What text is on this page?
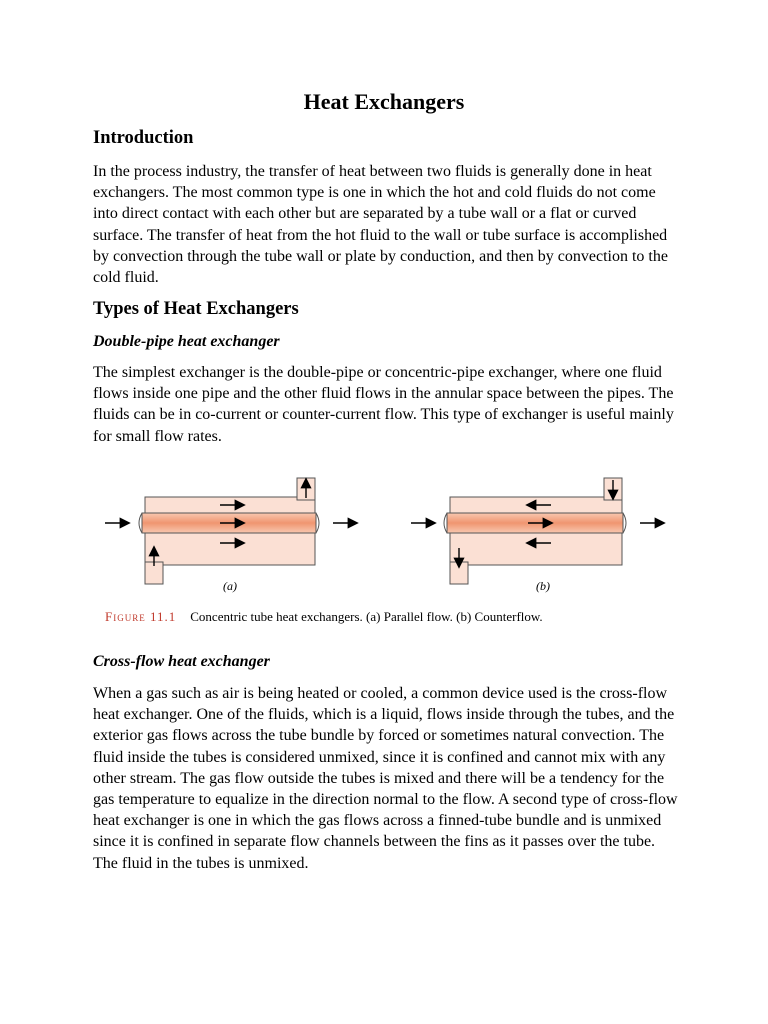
Heat Exchangers
Introduction

In the process industry, the transfer of heat between two fluids is generally done in heat exchangers. The most common type is one in which the hot and cold fluids do not come into direct contact with each other but are separated by a tube wall or a flat or curved surface. The transfer of heat from the hot fluid to the wall or tube surface is accomplished by convection through the tube wall or plate by conduction, and then by convection to the cold fluid.

Types of Heat Exchangers
Double-pipe heat exchanger

The simplest exchanger is the double-pipe or concentric-pipe exchanger, where one fluid flows inside one pipe and the other fluid flows in the annular space between the pipes. The fluids can be in co-current or counter-current flow. This type of exchanger is useful mainly for small flow rates.

(a)	(b)
Figure 11.1 Concentric tube heat exchangers. (a) Parallel flow. (b) Counterflow.
Cross-flow heat exchanger

When a gas such as air is being heated or cooled, a common device used is the cross-flow heat exchanger. One of the fluids, which is a liquid, flows inside through the tubes, and the exterior gas flows across the tube bundle by forced or sometimes natural convection. The fluid inside the tubes is considered unmixed, since it is confined and cannot mix with any other stream. The gas flow outside the tubes is mixed and there will be a tendency for the gas temperature to equalize in the direction normal to the flow. A second type of cross-flow heat exchanger is one in which the gas flows across a finned-tube bundle and is unmixed since it is confined in separate flow channels between the fins as it passes over the tube. The fluid in the tubes is unmixed.
